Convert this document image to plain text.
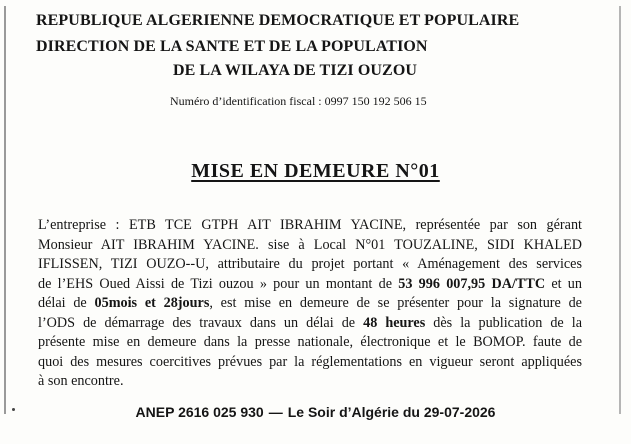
REPUBLIQUE ALGERIENNE DEMOCRATIQUE ET POPULAIRE
DIRECTION DE LA SANTE ET DE LA POPULATION
DE LA WILAYA DE TIZI OUZOU
Numéro d’identification fiscal : 0997 150 192 506 15
MISE EN DEMEURE N°01
L’entreprise : ETB TCE GTPH AIT IBRAHIM YACINE, représentée par son gérant
Monsieur AIT IBRAHIM YACINE. sise à Local N°01 TOUZALINE, SIDI KHALED
IFLISSEN, TIZI OUZO--U, attributaire du projet portant « Aménagement des services
de l’EHS Oued Aissi de Tizi ouzou » pour un montant de 53 996 007,95 DA/TTC et un
délai de 05mois et 28jours, est mise en demeure de se présenter pour la signature de
l’ODS de démarrage des travaux dans un délai de 48 heures dès la publication de la
présente mise en demeure dans la presse nationale, électronique et le BOMOP. faute de
quoi des mesures coercitives prévues par la réglementations en vigueur seront appliquées
à son encontre.
ANEP 2616 025 930 — Le Soir d’Algérie du 29-07-2026
